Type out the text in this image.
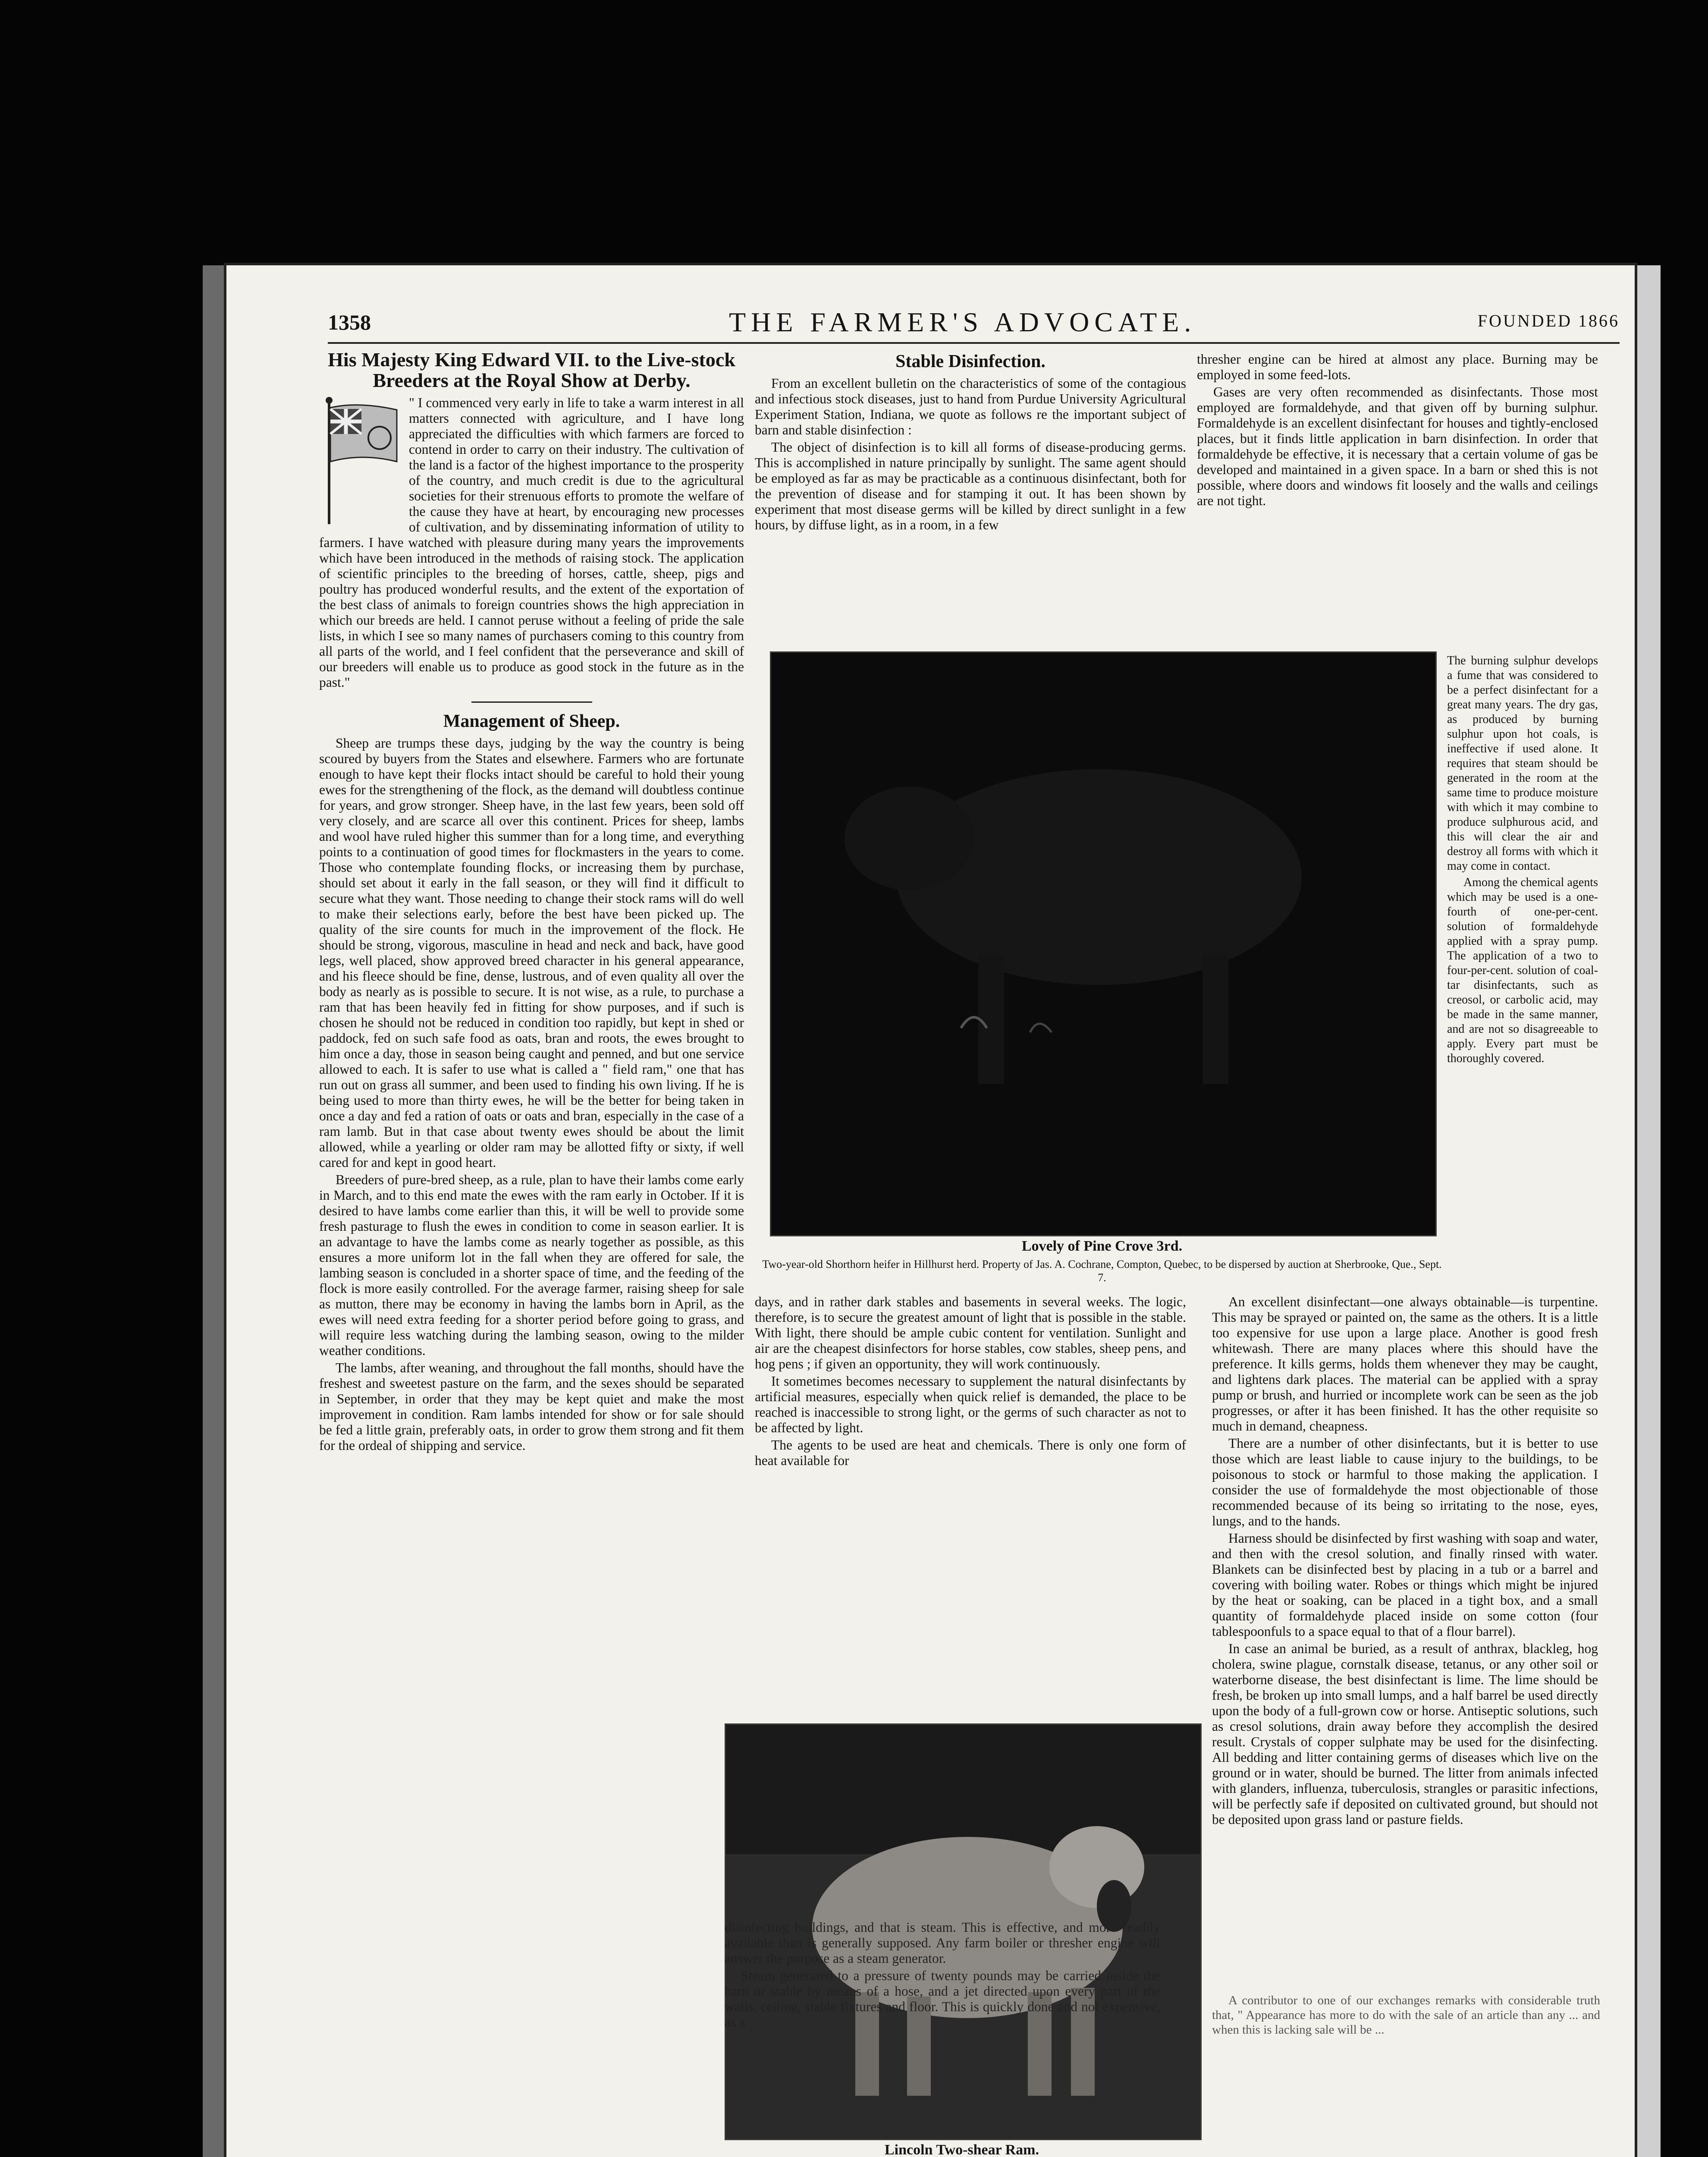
1358	THE FARMER'S ADVOCATE.	FOUNDED 1866
His Majesty King Edward VII. to the Live-stock Breeders at the Royal Show at Derby.

" I commenced very early in life to take a warm interest in all matters connected with agriculture, and I have long appreciated the difficulties with which farmers are forced to contend in order to carry on their industry. The cultivation of the land is a factor of the highest importance to the prosperity of the country, and much credit is due to the agricultural societies for their strenuous efforts to promote the welfare of the cause they have at heart, by encouraging new processes of cultivation, and by disseminating information of utility to farmers. I have watched with pleasure during many years the improvements which have been introduced in the methods of raising stock. The application of scientific principles to the breeding of horses, cattle, sheep, pigs and poultry has produced wonderful results, and the extent of the exportation of the best class of animals to foreign countries shows the high appreciation in which our breeds are held. I cannot peruse without a feeling of pride the sale lists, in which I see so many names of purchasers coming to this country from all parts of the world, and I feel confident that the perseverance and skill of our breeders will enable us to produce as good stock in the future as in the past."

Management of Sheep.

Sheep are trumps these days, judging by the way the country is being scoured by buyers from the States and elsewhere. Farmers who are fortunate enough to have kept their flocks intact should be careful to hold their young ewes for the strengthening of the flock, as the demand will doubtless continue for years, and grow stronger. Sheep have, in the last few years, been sold off very closely, and are scarce all over this continent. Prices for sheep, lambs and wool have ruled higher this summer than for a long time, and everything points to a continuation of good times for flockmasters in the years to come. Those who contemplate founding flocks, or increasing them by purchase, should set about it early in the fall season, or they will find it difficult to secure what they want. Those needing to change their stock rams will do well to make their selections early, before the best have been picked up. The quality of the sire counts for much in the improvement of the flock. He should be strong, vigorous, masculine in head and neck and back, have good legs, well placed, show approved breed character in his general appearance, and his fleece should be fine, dense, lustrous, and of even quality all over the body as nearly as is possible to secure. It is not wise, as a rule, to purchase a ram that has been heavily fed in fitting for show purposes, and if such is chosen he should not be reduced in condition too rapidly, but kept in shed or paddock, fed on such safe food as oats, bran and roots, the ewes brought to him once a day, those in season being caught and penned, and but one service allowed to each. It is safer to use what is called a " field ram," one that has run out on grass all summer, and been used to finding his own living. If he is being used to more than thirty ewes, he will be the better for being taken in once a day and fed a ration of oats or oats and bran, especially in the case of a ram lamb. But in that case about twenty ewes should be about the limit allowed, while a yearling or older ram may be allotted fifty or sixty, if well cared for and kept in good heart.

Breeders of pure-bred sheep, as a rule, plan to have their lambs come early in March, and to this end mate the ewes with the ram early in October. If it is desired to have lambs come earlier than this, it will be well to provide some fresh pasturage to flush the ewes in condition to come in season earlier. It is an advantage to have the lambs come as nearly together as possible, as this ensures a more uniform lot in the fall when they are offered for sale, the lambing season is concluded in a shorter space of time, and the feeding of the flock is more easily controlled. For the average farmer, raising sheep for sale as mutton, there may be economy in having the lambs born in April, as the ewes will need extra feeding for a shorter period before going to grass, and will require less watching during the lambing season, owing to the milder weather conditions.

The lambs, after weaning, and throughout the fall months, should have the freshest and sweetest pasture on the farm, and the sexes should be separated in September, in order that they may be kept quiet and make the most improvement in condition. Ram lambs intended for show or for sale should be fed a little grain, preferably oats, in order to grow them strong and fit them for the ordeal of shipping and service.

Stable Disinfection.

From an excellent bulletin on the characteristics of some of the contagious and infectious stock diseases, just to hand from Purdue University Agricultural Experiment Station, Indiana, we quote as follows re the important subject of barn and stable disinfection :

The object of disinfection is to kill all forms of disease-producing germs. This is accomplished in nature principally by sunlight. The same agent should be employed as far as may be practicable as a continuous disinfectant, both for the prevention of disease and for stamping it out. It has been shown by experiment that most disease germs will be killed by direct sunlight in a few hours, by diffuse light, as in a room, in a few

Lovely of Pine Crove 3rd.
Two-year-old Shorthorn heifer in Hillhurst herd. Property of Jas. A. Cochrane, Compton, Quebec, to be dispersed by auction at Sherbrooke, Que., Sept. 7.

days, and in rather dark stables and basements in several weeks. The logic, therefore, is to secure the greatest amount of light that is possible in the stable. With light, there should be ample cubic content for ventilation. Sunlight and air are the cheapest disinfectors for horse stables, cow stables, sheep pens, and hog pens ; if given an opportunity, they will work continuously.

It sometimes becomes necessary to supplement the natural disinfectants by artificial measures, especially when quick relief is demanded, the place to be reached is inaccessible to strong light, or the germs of such character as not to be affected by light.

The agents to be used are heat and chemicals. There is only one form of heat available for

Lincoln Two-shear Ram.

thresher engine can be hired at almost any place. Burning may be employed in some feed-lots.

Gases are very often recommended as disinfectants. Those most employed are formaldehyde, and that given off by burning sulphur. Formaldehyde is an excellent disinfectant for houses and tightly-enclosed places, but it finds little application in barn disinfection. In order that formaldehyde be effective, it is necessary that a certain volume of gas be developed and maintained in a given space. In a barn or shed this is not possible, where doors and windows fit loosely and the walls and ceilings are not tight.

The burning sulphur develops a fume that was considered to be a perfect disinfectant for a great many years. The dry gas, as produced by burning sulphur upon hot coals, is ineffective if used alone. It requires that steam should be generated in the room at the same time to produce moisture with which it may combine to produce sulphurous acid, and this will clear the air and destroy all forms with which it may come in contact.

Among the chemical agents which may be used is a one-fourth of one-per-cent. solution of formaldehyde applied with a spray pump. The application of a two to four-per-cent. solution of coal-tar disinfectants, such as creosol, or carbolic acid, may be made in the same manner, and are not so disagreeable to apply. Every part must be thoroughly covered.

An excellent disinfectant—one always obtainable—is turpentine. This may be sprayed or painted on, the same as the others. It is a little too expensive for use upon a large place. Another is good fresh whitewash. There are many places where this should have the preference. It kills germs, holds them whenever they may be caught, and lightens dark places. The material can be applied with a spray pump or brush, and hurried or incomplete work can be seen as the job progresses, or after it has been finished. It has the other requisite so much in demand, cheapness.

There are a number of other disinfectants, but it is better to use those which are least liable to cause injury to the buildings, to be poisonous to stock or harmful to those making the application. I consider the use of formaldehyde the most objectionable of those recommended because of its being so irritating to the nose, eyes, lungs, and to the hands.

Harness should be disinfected by first washing with soap and water, and then with the cresol solution, and finally rinsed with water. Blankets can be disinfected best by placing in a tub or a barrel and covering with boiling water. Robes or things which might be injured by the heat or soaking, can be placed in a tight box, and a small quantity of formaldehyde placed inside on some cotton (four tablespoonfuls to a space equal to that of a flour barrel).

In case an animal be buried, as a result of anthrax, blackleg, hog cholera, swine plague, cornstalk disease, tetanus, or any other soil or waterborne disease, the best disinfectant is lime. The lime should be fresh, be broken up into small lumps, and a half barrel be used directly upon the body of a full-grown cow or horse. Antiseptic solutions, such as cresol solutions, drain away before they accomplish the desired result. Crystals of copper sulphate may be used for the disinfecting. All bedding and litter containing germs of diseases which live on the ground or in water, should be burned. The litter from animals infected with glanders, influenza, tuberculosis, strangles or parasitic infections, will be perfectly safe if deposited on cultivated ground, but should not be deposited upon grass land or pasture fields.

disinfecting buildings, and that is steam. This is effective, and more readily available than is generally supposed. Any farm boiler or thresher engine will answer the purpose as a steam generator.

Steam generated to a pressure of twenty pounds may be carried inside the barn or stable by means of a hose, and a jet directed upon every part of the walls, ceiling, stable fixtures and floor. This is quickly done and not expensive, as a

A contributor to one of our exchanges remarks with considerable truth that, " Appearance has more to do with the sale of an article than any ... and when this is lacking sale will be ...
